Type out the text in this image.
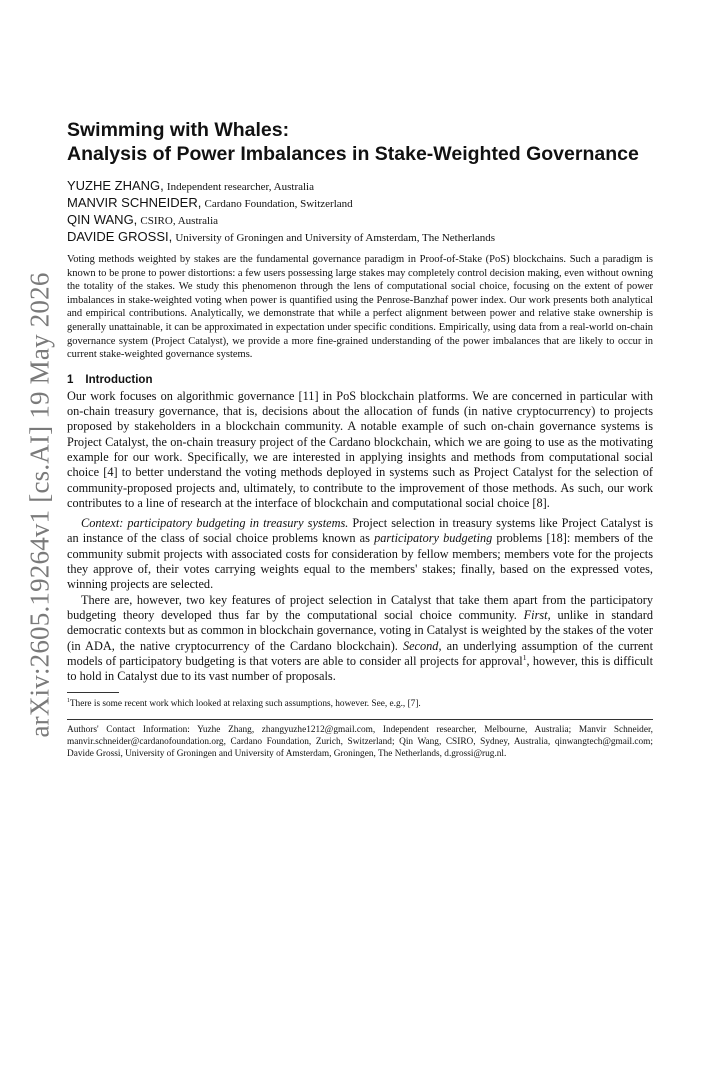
arXiv:2605.19264v1 [cs.AI] 19 May 2026
Swimming with Whales:
Analysis of Power Imbalances in Stake-Weighted Governance
YUZHE ZHANG, Independent researcher, Australia
MANVIR SCHNEIDER, Cardano Foundation, Switzerland
QIN WANG, CSIRO, Australia
DAVIDE GROSSI, University of Groningen and University of Amsterdam, The Netherlands

Voting methods weighted by stakes are the fundamental governance paradigm in Proof-of-Stake (PoS) blockchains. Such a paradigm is known to be prone to power distortions: a few users possessing large stakes may completely control decision making, even without owning the totality of the stakes. We study this phenomenon through the lens of computational social choice, focusing on the extent of power imbalances in stake-weighted voting when power is quantified using the Penrose-Banzhaf power index. Our work presents both analytical and empirical contributions. Analytically, we demonstrate that while a perfect alignment between power and relative stake ownership is generally unattainable, it can be approximated in expectation under specific conditions. Empirically, using data from a real-world on-chain governance system (Project Catalyst), we provide a more fine-grained understanding of the power imbalances that are likely to occur in current stake-weighted governance systems.

1 Introduction

Our work focuses on algorithmic governance [11] in PoS blockchain platforms. We are concerned in particular with on-chain treasury governance, that is, decisions about the allocation of funds (in native cryptocurrency) to projects proposed by stakeholders in a blockchain community. A notable example of such on-chain governance systems is Project Catalyst, the on-chain treasury project of the Cardano blockchain, which we are going to use as the motivating example for our work. Specifically, we are interested in applying insights and methods from computational social choice [4] to better understand the voting methods deployed in systems such as Project Catalyst for the selection of community-proposed projects and, ultimately, to contribute to the improvement of those methods. As such, our work contributes to a line of research at the interface of blockchain and computational social choice [8].

Context: participatory budgeting in treasury systems. Project selection in treasury systems like Project Catalyst is an instance of the class of social choice problems known as participatory budgeting problems [18]: members of the community submit projects with associated costs for consideration by fellow members; members vote for the projects they approve of, their votes carrying weights equal to the members' stakes; finally, based on the expressed votes, winning projects are selected.

There are, however, two key features of project selection in Catalyst that take them apart from the participatory budgeting theory developed thus far by the computational social choice community. First, unlike in standard democratic contexts but as common in blockchain governance, voting in Catalyst is weighted by the stakes of the voter (in ADA, the native cryptocurrency of the Cardano blockchain). Second, an underlying assumption of the current models of participatory budgeting is that voters are able to consider all projects for approval$^1$, however, this is difficult to hold in Catalyst due to its vast number of proposals.

$^1$There is some recent work which looked at relaxing such assumptions, however. See, e.g., [7].
Authors' Contact Information: Yuzhe Zhang, zhangyuzhe1212@gmail.com, Independent researcher, Melbourne, Australia; Manvir Schneider, manvir.schneider@cardanofoundation.org, Cardano Foundation, Zurich, Switzerland; Qin Wang, CSIRO, Sydney, Australia, qinwangtech@gmail.com; Davide Grossi, University of Groningen and University of Amsterdam, Groningen, The Netherlands, d.grossi@rug.nl.
